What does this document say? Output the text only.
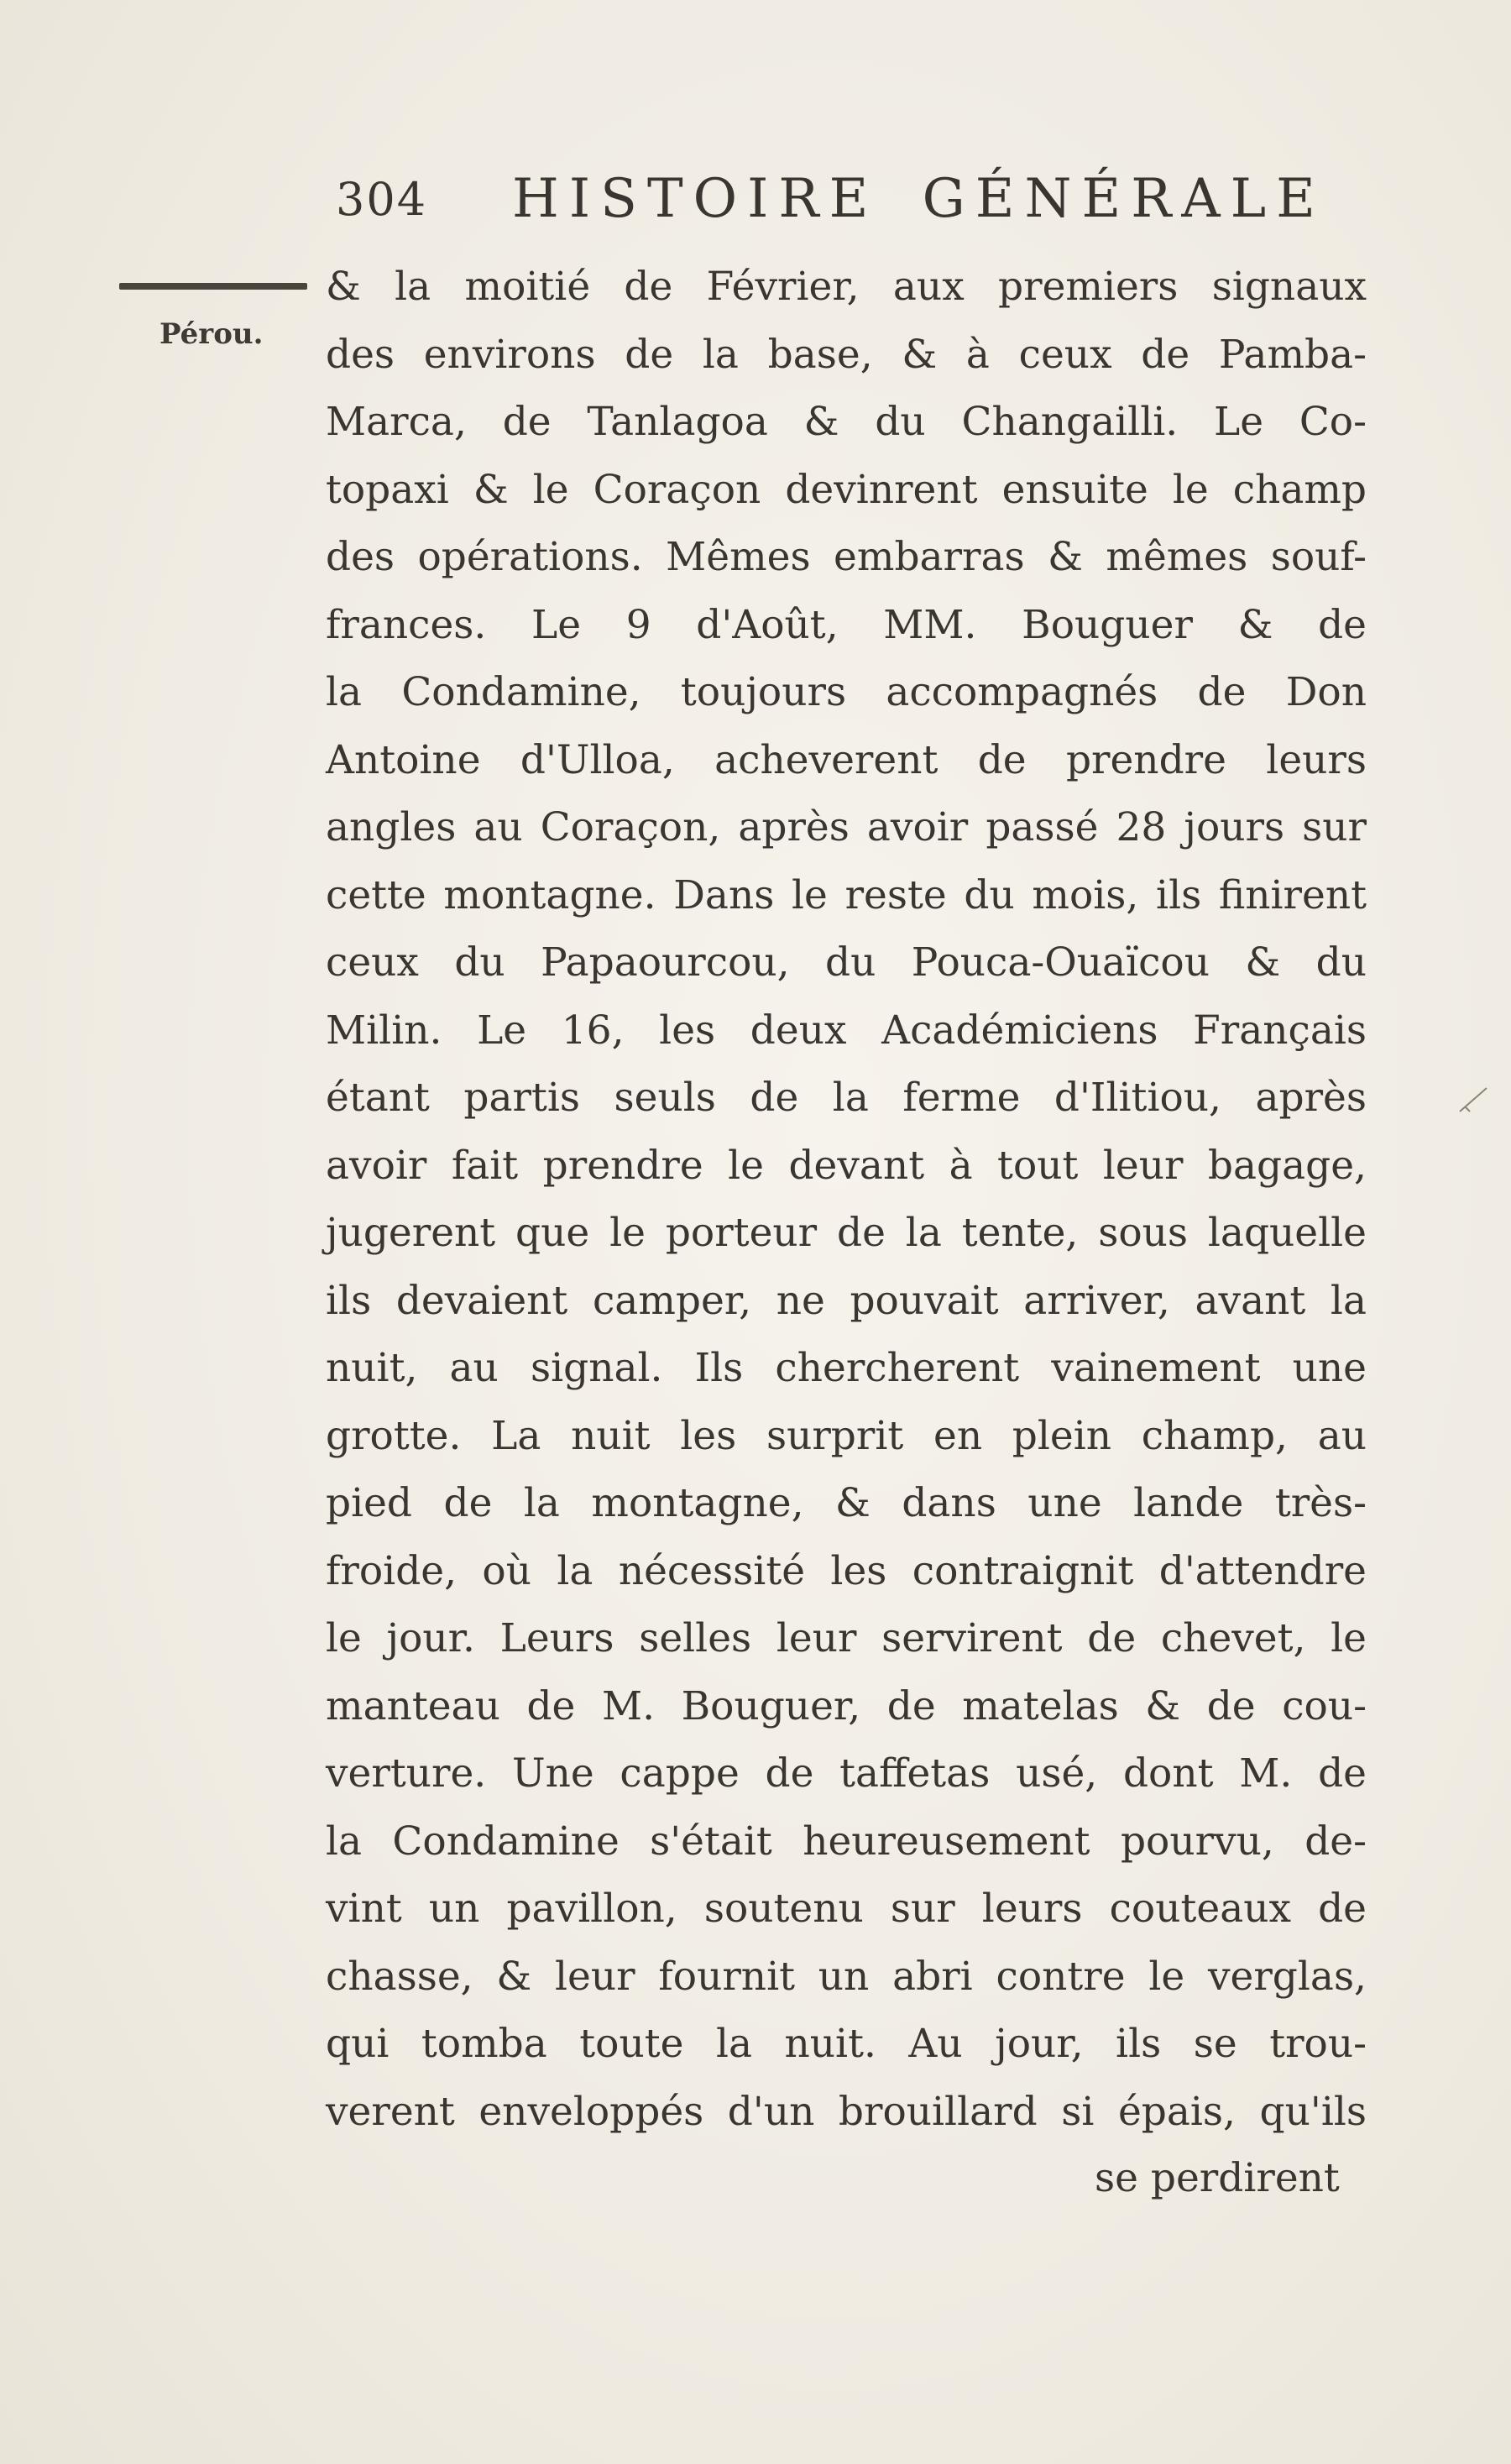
304 HISTOIRE GÉNÉRALE
Pérou.
& la moitié de Février, aux premiers signaux
des environs de la base, & à ceux de Pamba-
Marca, de Tanlagoa & du Changailli. Le Co-
topaxi & le Coraçon devinrent ensuite le champ
des opérations. Mêmes embarras & mêmes souf-
frances. Le 9 d'Août, MM. Bouguer & de
la Condamine, toujours accompagnés de Don
Antoine d'Ulloa, acheverent de prendre leurs
angles au Coraçon, après avoir passé 28 jours sur
cette montagne. Dans le reste du mois, ils finirent
ceux du Papaourcou, du Pouca-Ouaïcou & du
Milin. Le 16, les deux Académiciens Français
étant partis seuls de la ferme d'Ilitiou, après
avoir fait prendre le devant à tout leur bagage,
jugerent que le porteur de la tente, sous laquelle
ils devaient camper, ne pouvait arriver, avant la
nuit, au signal. Ils chercherent vainement une
grotte. La nuit les surprit en plein champ, au
pied de la montagne, & dans une lande très-
froide, où la nécessité les contraignit d'attendre
le jour. Leurs selles leur servirent de chevet, le
manteau de M. Bouguer, de matelas & de cou-
verture. Une cappe de taffetas usé, dont M. de
la Condamine s'était heureusement pourvu, de-
vint un pavillon, soutenu sur leurs couteaux de
chasse, & leur fournit un abri contre le verglas,
qui tomba toute la nuit. Au jour, ils se trou-
verent enveloppés d'un brouillard si épais, qu'ils
se perdirent
